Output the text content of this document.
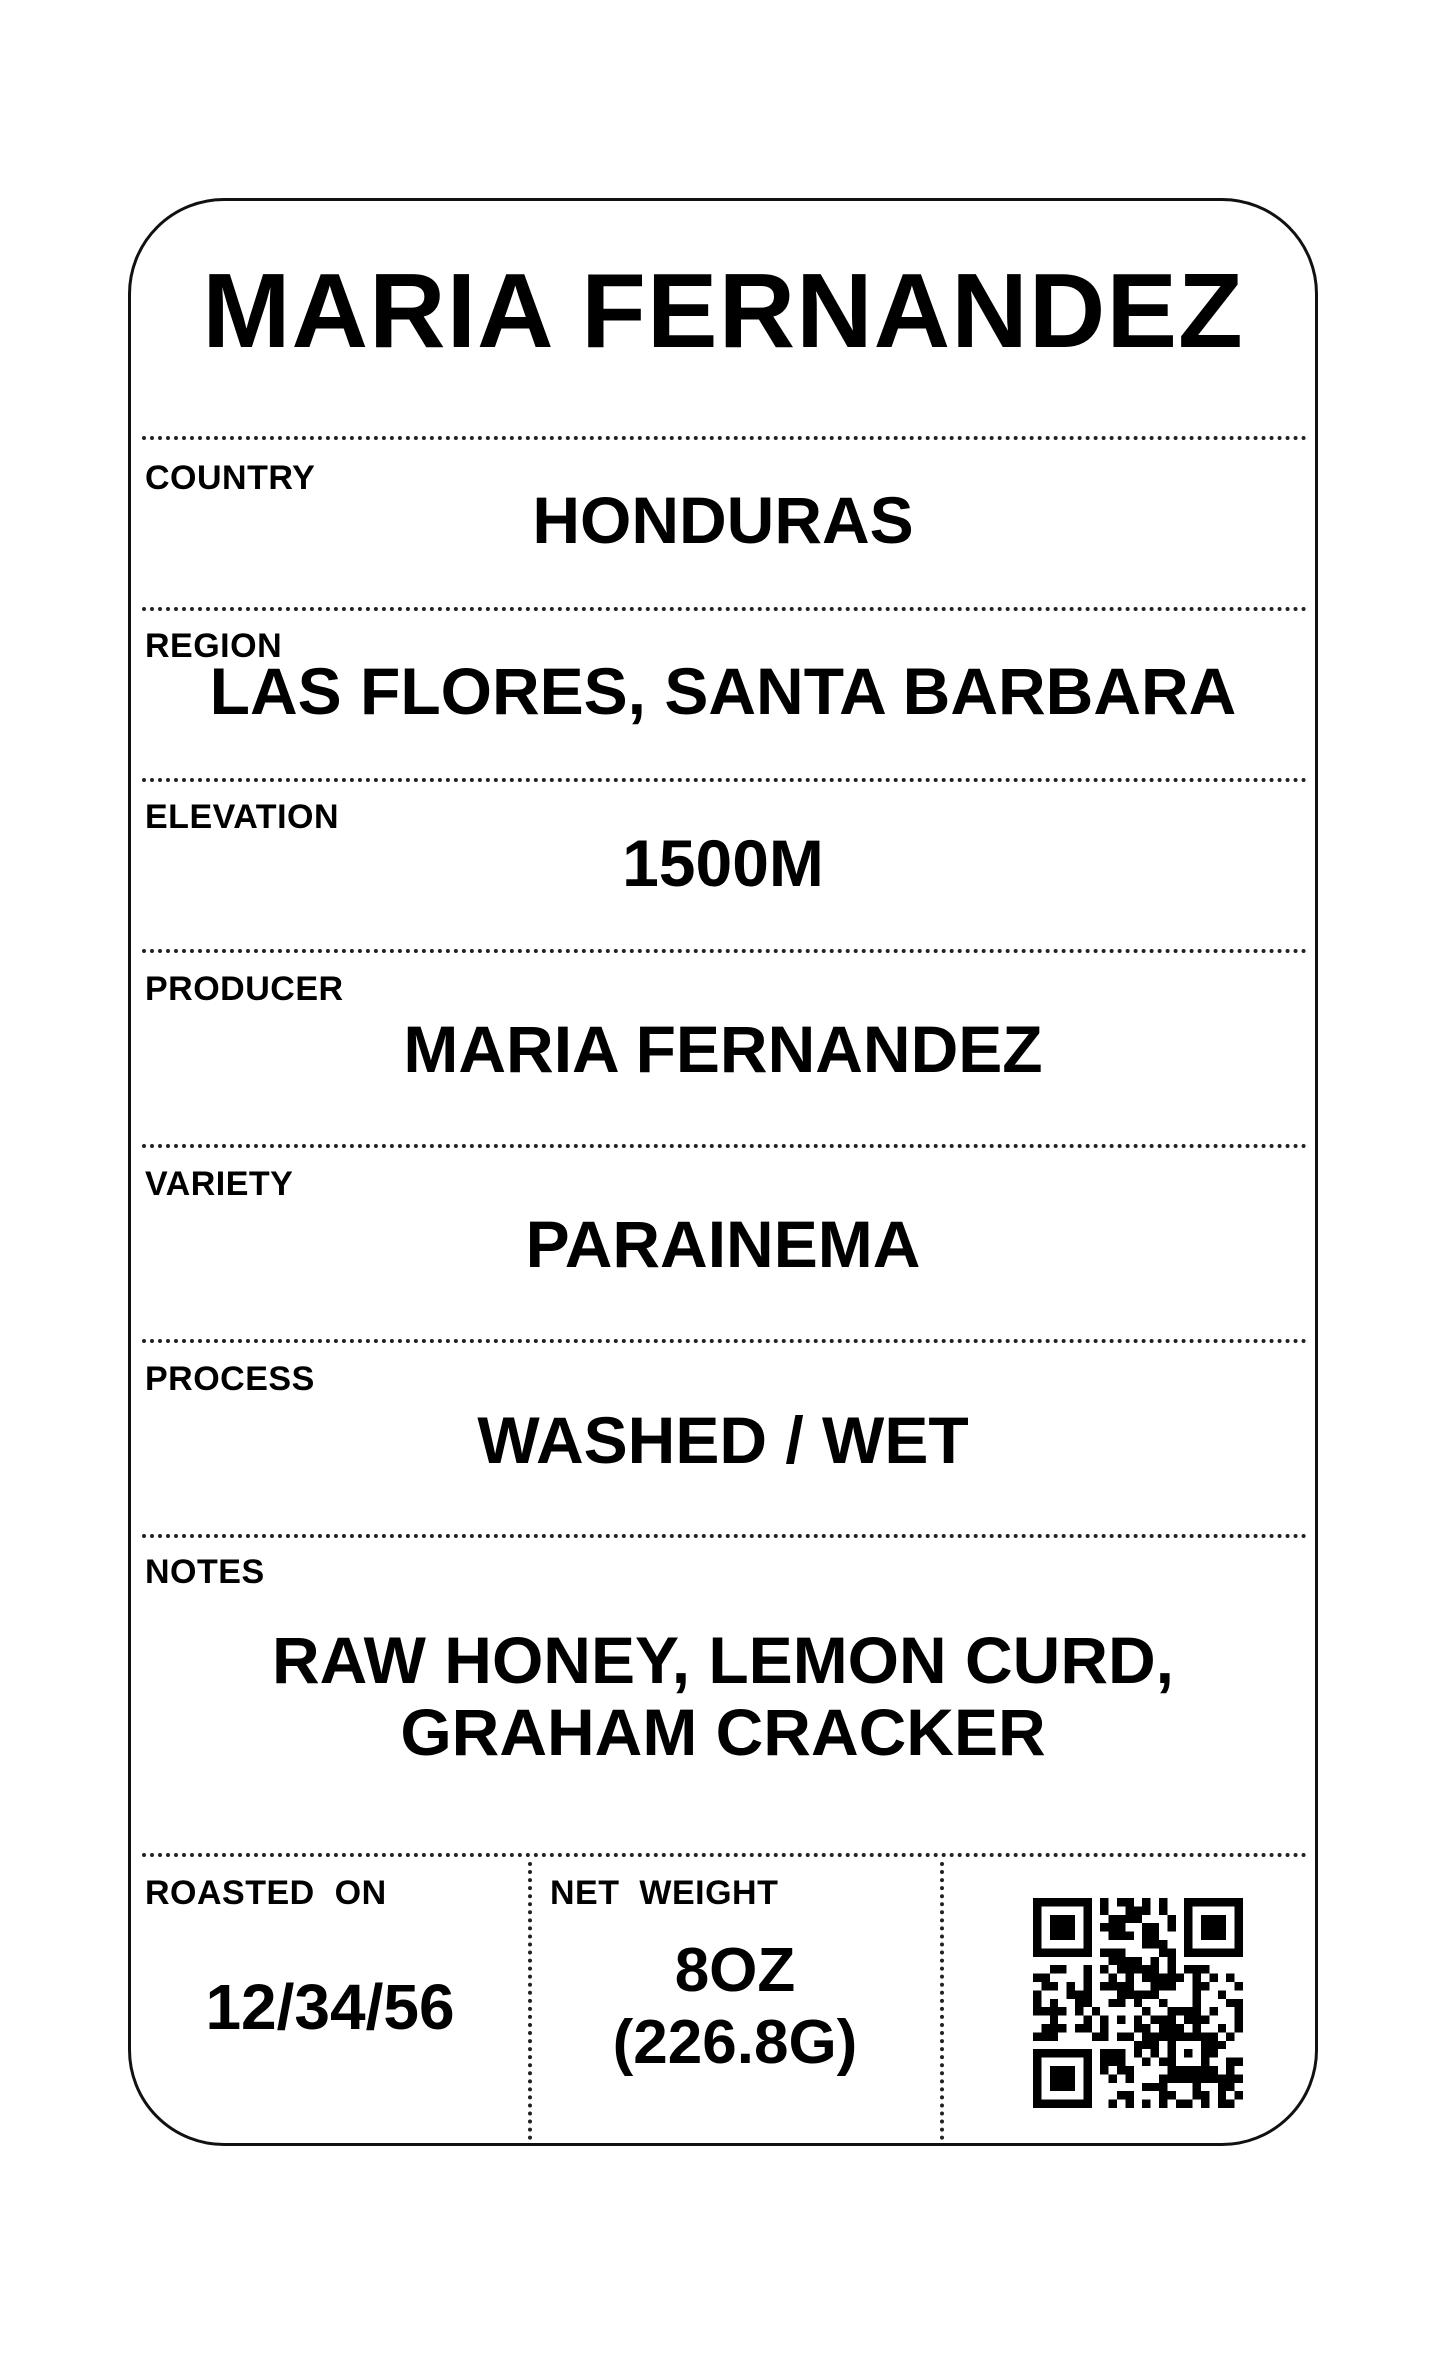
MARIA FERNANDEZ
COUNTRY
HONDURAS
REGION
LAS FLORES, SANTA BARBARA
ELEVATION
1500M
PRODUCER
MARIA FERNANDEZ
VARIETY
PARAINEMA
PROCESS
WASHED / WET
NOTES
RAW HONEY, LEMON CURD,
GRAHAM CRACKER
ROASTED  ON
12/34/56
NET  WEIGHT
8OZ
(226.8G)
